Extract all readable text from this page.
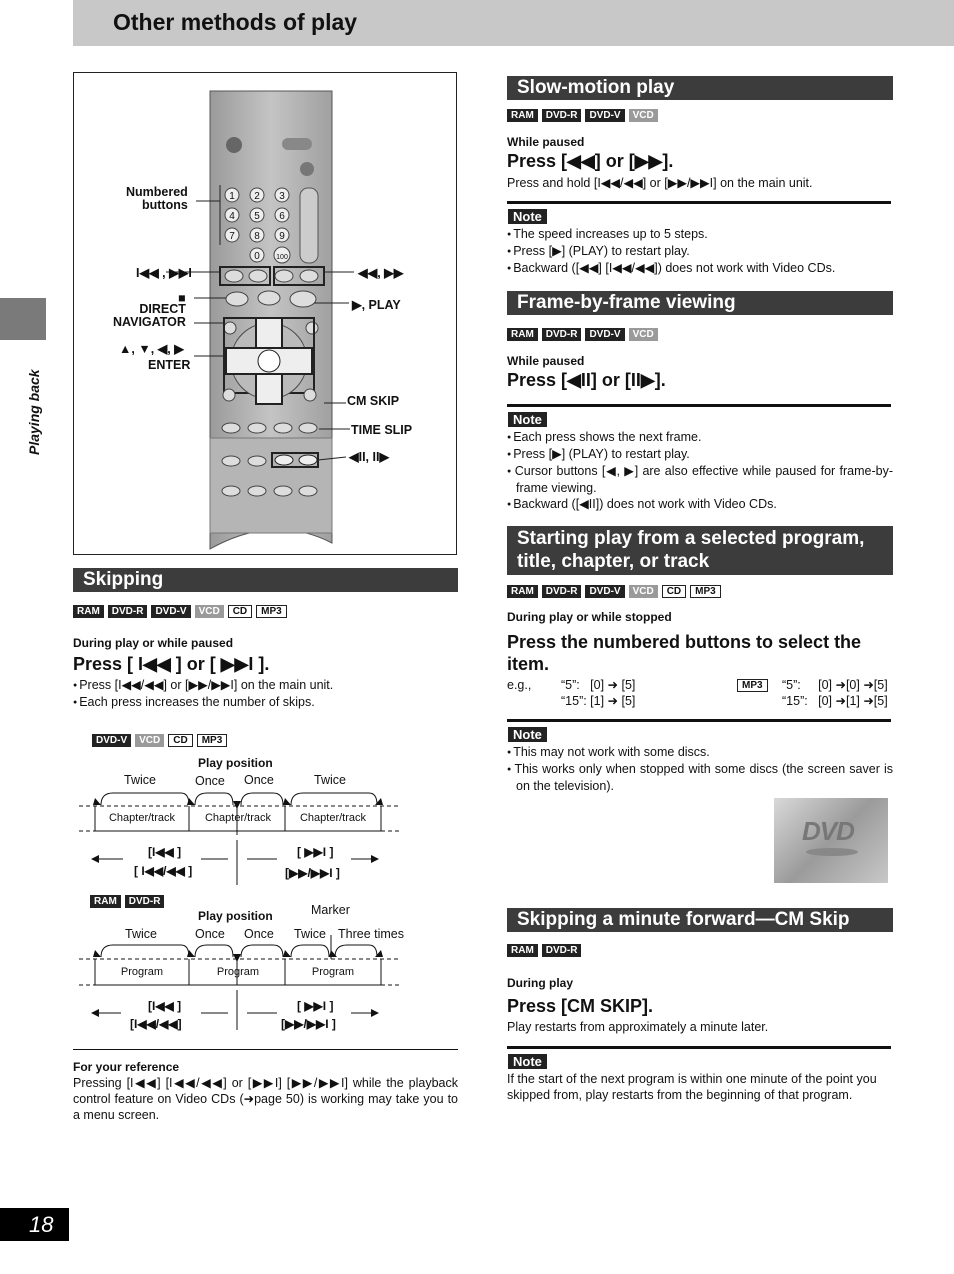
Other methods of play
Playing back
18
1 2 3
4 5 6
7 8 9
0 100
Numbered
buttons
I◀◀ , ▶▶I
■
DIRECT
NAVIGATOR
▲, ▼, ◀, ▶
ENTER
◀◀, ▶▶
▶, PLAY
CM SKIP
TIME SLIP
◀II, II▶
Skipping
RAM	DVD-R	DVD-V	VCD	CD	MP3
During play or while paused
Press [ I◀◀ ] or [ ▶▶I ].
● Press [I◀◀/◀◀] or [▶▶/▶▶I] on the main unit.
● Each press increases the number of skips.
DVD-V	VCD	CD	MP3
Play position
Twice	Once Once	Twice
Chapter/track	Chapter/track	Chapter/track
[I◀◀ ]
[ I◀◀/◀◀ ]
[ ▶▶I ]
[▶▶/▶▶I ]
RAM	DVD-R
Play position	Marker
Twice	Once Once Twice Three times
Program	Program	Program
[I◀◀ ]
[I◀◀/◀◀]
[ ▶▶I ]
[▶▶/▶▶I ]
For your reference
Pressing [I◀◀] [I◀◀/◀◀] or [▶▶I] [▶▶/▶▶I] while the playback control feature on Video CDs (➜page 50) is working may take you to a menu screen.
Slow-motion play
RAM	DVD-R	DVD-V	VCD
While paused
Press [◀◀] or [▶▶].
Press and hold [I◀◀/◀◀] or [▶▶/▶▶I] on the main unit.
Note
● The speed increases up to 5 steps.
● Press [▶] (PLAY) to restart play.
● Backward ([◀◀] [I◀◀/◀◀]) does not work with Video CDs.
Frame-by-frame viewing
RAM	DVD-R	DVD-V	VCD
While paused
Press [◀II] or [II▶].
Note
● Each press shows the next frame.
● Press [▶] (PLAY) to restart play.
● Cursor buttons [◀, ▶] are also effective while paused for frame-by-frame viewing.
● Backward ([◀II]) does not work with Video CDs.
Starting play from a selected program, title, chapter, or track
RAM	DVD-R	DVD-V	VCD	CD	MP3
During play or while stopped
Press the numbered buttons to select the item.
e.g., “5”:   [0] ➜ [5]
“15”: [1] ➜ [5]
MP3	“5”:     [0] ➜[0] ➜[5]
“15”:   [0] ➜[1] ➜[5]
Note
● This may not work with some discs.
● This works only when stopped with some discs (the screen saver is on the television).
DVD
Skipping a minute forward—CM Skip
RAM	DVD-R
During play
Press [CM SKIP].
Play restarts from approximately a minute later.
Note
If the start of the next program is within one minute of the point you skipped from, play restarts from the beginning of that program.
